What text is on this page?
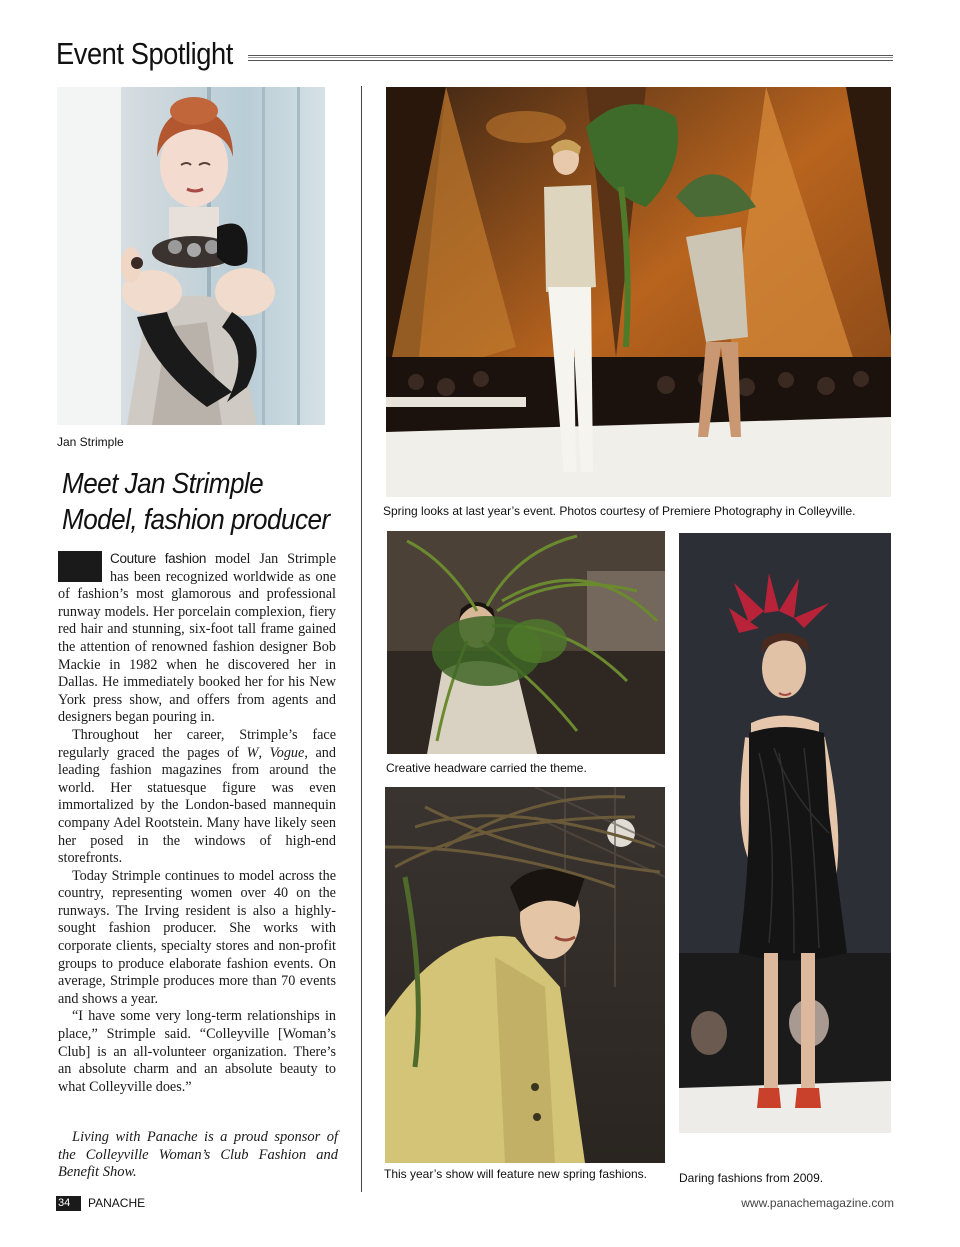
Event Spotlight
Jan Strimple
Meet Jan Strimple
Model, fashion producer

Couture fashion model Jan Strimple has been recognized worldwide as one of fashion’s most glamorous and professional runway models. Her porcelain complexion, fiery red hair and stunning, six-foot tall frame gained the attention of renowned fashion designer Bob Mackie in 1982 when he discovered her in Dallas. He immediately booked her for his New York press show, and offers from agents and designers began pouring in.

Throughout her career, Strimple’s face regularly graced the pages of W, Vogue, and leading fashion magazines from around the world. Her statuesque figure was even immortalized by the London-based mannequin company Adel Rootstein. Many have likely seen her posed in the windows of high-end storefronts.

Today Strimple continues to model across the country, representing women over 40 on the runways. The Irving resident is also a highly-sought fashion producer. She works with corporate clients, specialty stores and non-profit groups to produce elaborate fashion events. On average, Strimple produces more than 70 events and shows a year.

“I have some very long-term relationships in place,” Strimple said. “Colleyville [Woman’s Club] is an all-volunteer organization. There’s an absolute charm and an absolute beauty to what Colleyville does.”

Living with Panache is a proud sponsor of the Colleyville Woman’s Club Fashion and Benefit Show.
Spring looks at last year’s event. Photos courtesy of Premiere Photography in Colleyville.
Creative headware carried the theme.
This year’s show will feature new spring fashions.	Daring fashions from 2009.
34	PANACHE	www.panachemagazine.com
